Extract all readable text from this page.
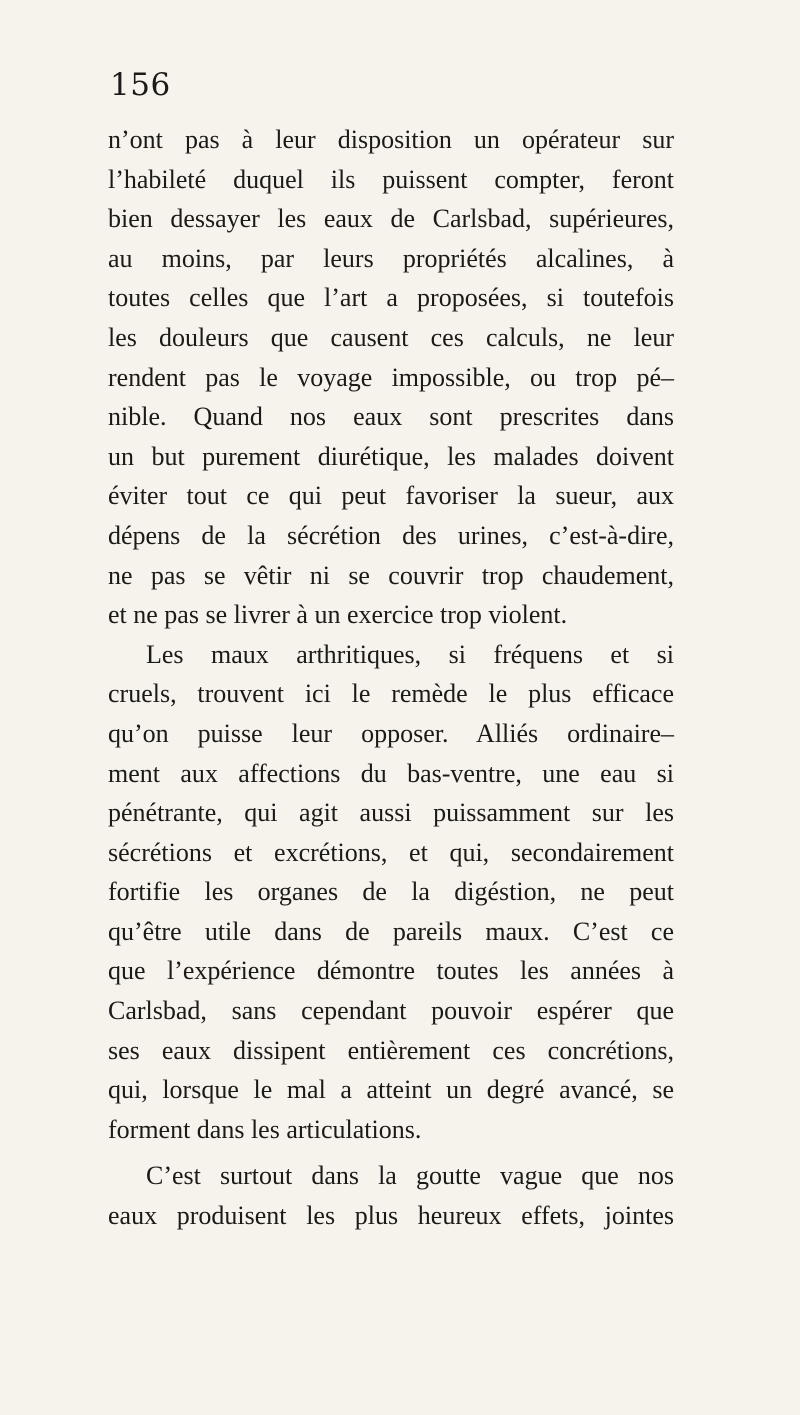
156
n’ont pas à leur disposition un opérateur sur
l’habileté duquel ils puissent compter, feront
bien dessayer les eaux de Carlsbad, supérieures,
au moins, par leurs propriétés alcalines, à
toutes celles que l’art a proposées, si toutefois
les douleurs que causent ces calculs, ne leur
rendent pas le voyage impossible, ou trop pé–
nible. Quand nos eaux sont prescrites dans
un but purement diurétique, les malades doivent
éviter tout ce qui peut favoriser la sueur, aux
dépens de la sécrétion des urines, c’est-à-dire,
ne pas se vêtir ni se couvrir trop chaudement,
et ne pas se livrer à un exercice trop violent.
Les maux arthritiques, si fréquens et si
cruels, trouvent ici le remède le plus efficace
qu’on puisse leur opposer. Alliés ordinaire–
ment aux affections du bas-ventre, une eau si
pénétrante, qui agit aussi puissamment sur les
sécrétions et excrétions, et qui, secondairement
fortifie les organes de la digéstion, ne peut
qu’être utile dans de pareils maux. C’est ce
que l’expérience démontre toutes les années à
Carlsbad, sans cependant pouvoir espérer que
ses eaux dissipent entièrement ces concrétions,
qui, lorsque le mal a atteint un degré avancé, se
forment dans les articulations.
C’est surtout dans la goutte vague que nos
eaux produisent les plus heureux effets, jointes
